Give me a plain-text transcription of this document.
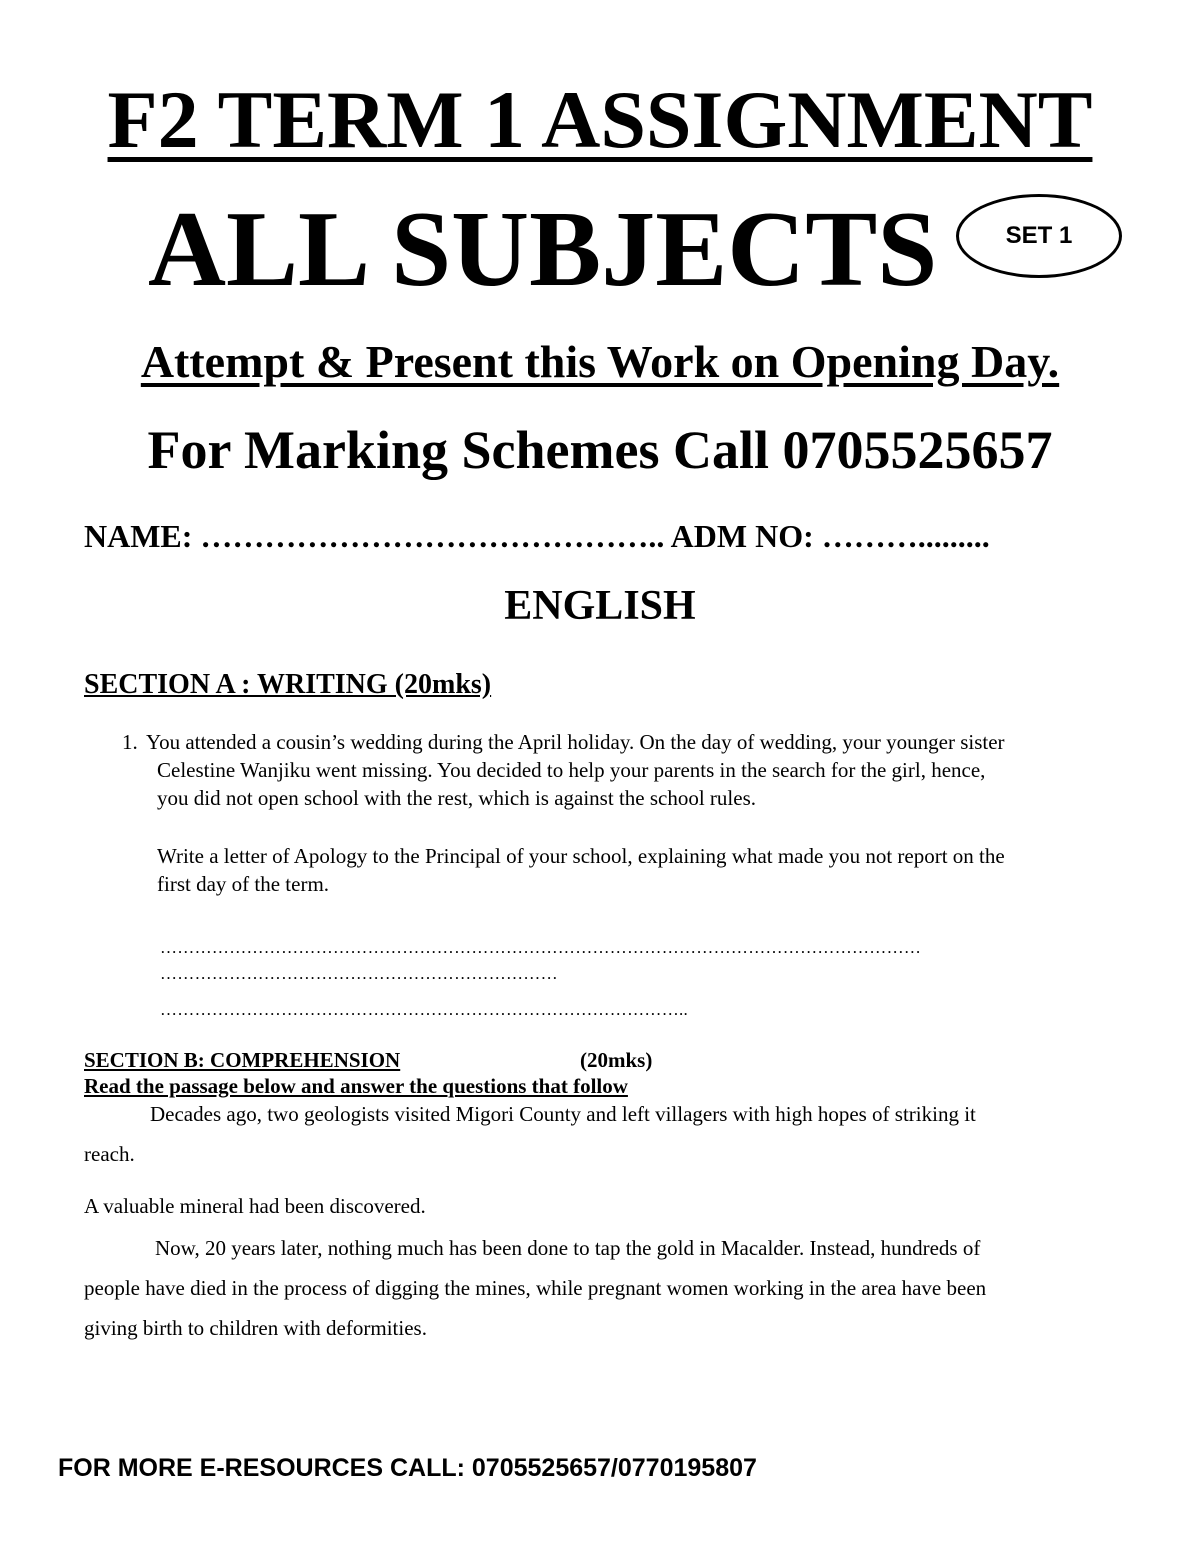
F2 TERM 1 ASSIGNMENT
ALL SUBJECTS	SET 1
Attempt & Present this Work on Opening Day.
For Marking Schemes Call 0705525657
NAME: …………………………………….. ADM NO: ……….........
ENGLISH
SECTION A : WRITING (20mks)
1. You attended a cousin’s wedding during the April holiday. On the day of wedding, your younger sister
Celestine Wanjiku went missing. You decided to help your parents in the search for the girl, hence,
you did not open school with the rest, which is against the school rules.
Write a letter of Apology to the Principal of your school, explaining what made you not report on the
first day of the term.
……………………………………………………………………………………………………………………
……………………………………………………………
………………………………………………………………………………..
SECTION B: COMPREHENSION	(20mks)
Read the passage below and answer the questions that follow
Decades ago, two geologists visited Migori County and left villagers with high hopes of striking it
reach.
A valuable mineral had been discovered.
Now, 20 years later, nothing much has been done to tap the gold in Macalder. Instead, hundreds of
people have died in the process of digging the mines, while pregnant women working in the area have been
giving birth to children with deformities.
FOR MORE E-RESOURCES CALL: 0705525657/0770195807
